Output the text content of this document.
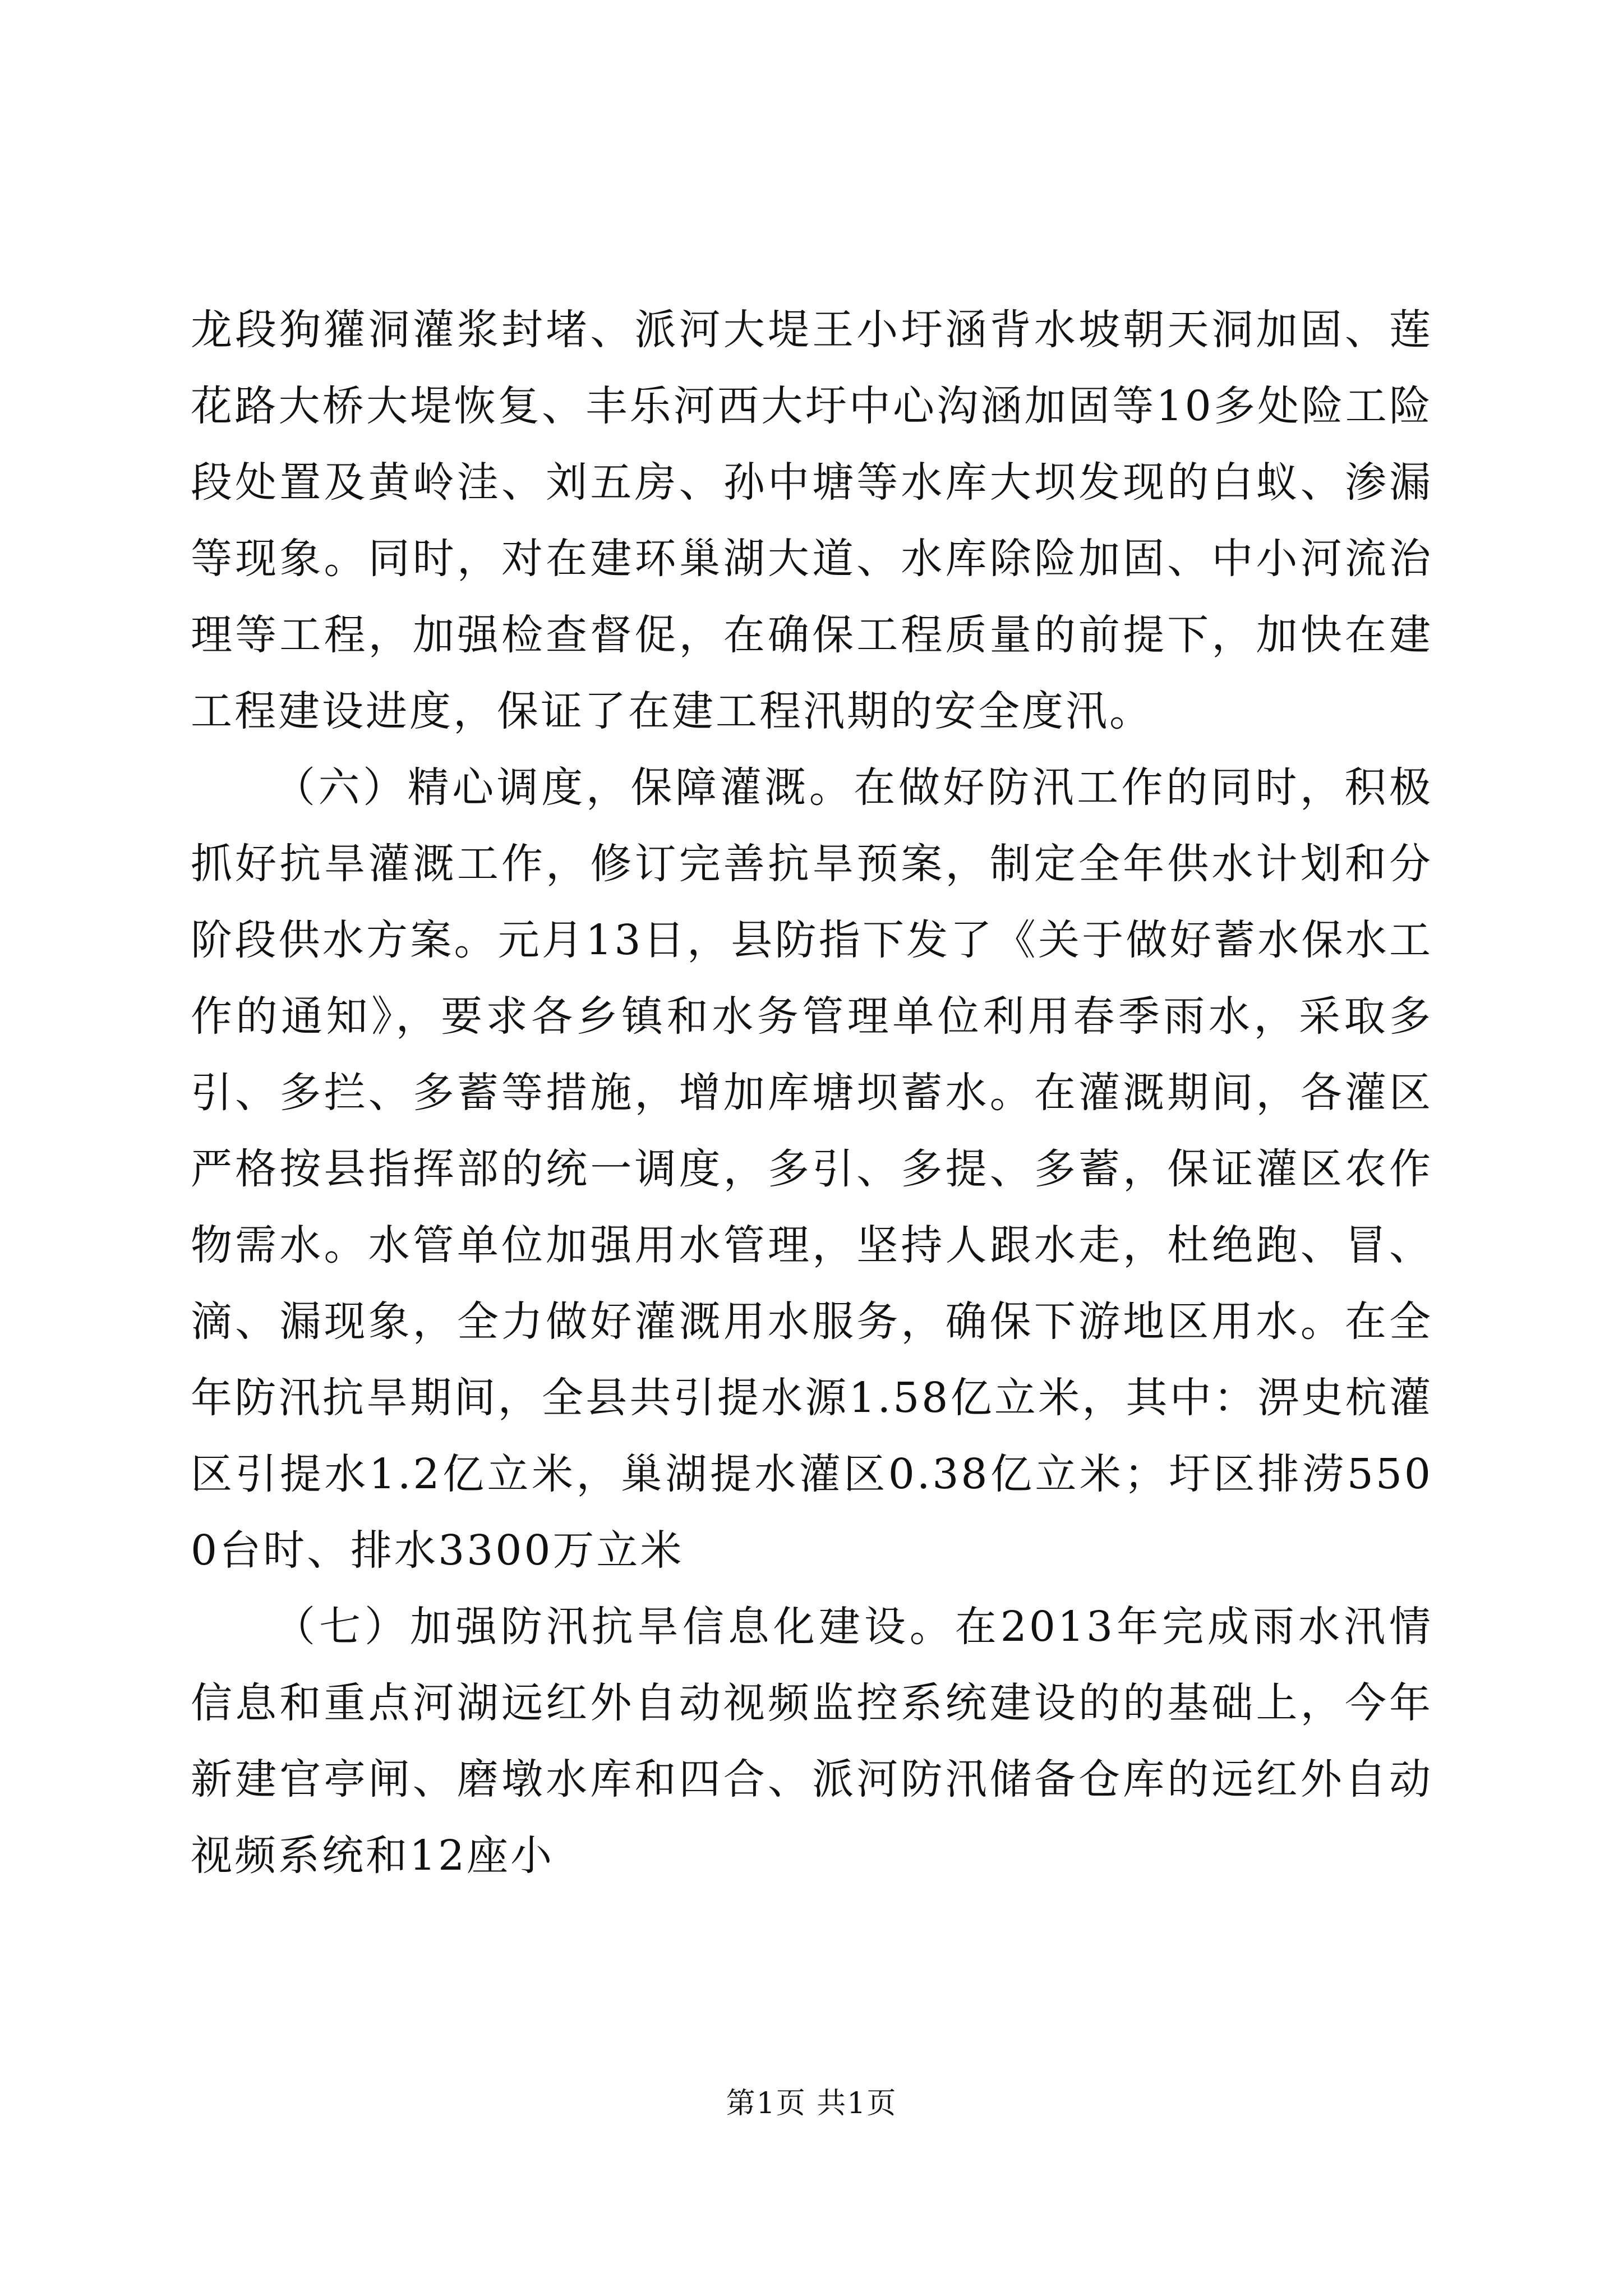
龙段狗獾洞灌浆封堵、派河大堤王小圩涵背水坡朝天洞加固、莲花路大桥大堤恢复、丰乐河西大圩中心沟涵加固等10多处险工险段处置及黄岭洼、刘五房、孙中塘等水库大坝发现的白蚁、渗漏等现象。同时，对在建环巢湖大道、水库除险加固、中小河流治理等工程，加强检查督促，在确保工程质量的前提下，加快在建工程建设进度，保证了在建工程汛期的安全度汛。

（六）精心调度，保障灌溉。在做好防汛工作的同时，积极抓好抗旱灌溉工作，修订完善抗旱预案，制定全年供水计划和分阶段供水方案。元月13日，县防指下发了《关于做好蓄水保水工作的通知》，要求各乡镇和水务管理单位利用春季雨水，采取多引、多拦、多蓄等措施，增加库塘坝蓄水。在灌溉期间，各灌区严格按县指挥部的统一调度，多引、多提、多蓄，保证灌区农作物需水。水管单位加强用水管理，坚持人跟水走，杜绝跑、冒、滴、漏现象，全力做好灌溉用水服务，确保下游地区用水。在全年防汛抗旱期间，全县共引提水源1.58亿立米，其中：淠史杭灌区引提水1.2亿立米，巢湖提水灌区0.38亿立米；圩区排涝5500台时、排水3300万立米

（七）加强防汛抗旱信息化建设。在2013年完成雨水汛情信息和重点河湖远红外自动视频监控系统建设的的基础上，今年新建官亭闸、磨墩水库和四合、派河防汛储备仓库的远红外自动视频系统和12座小

第1页 共1页
